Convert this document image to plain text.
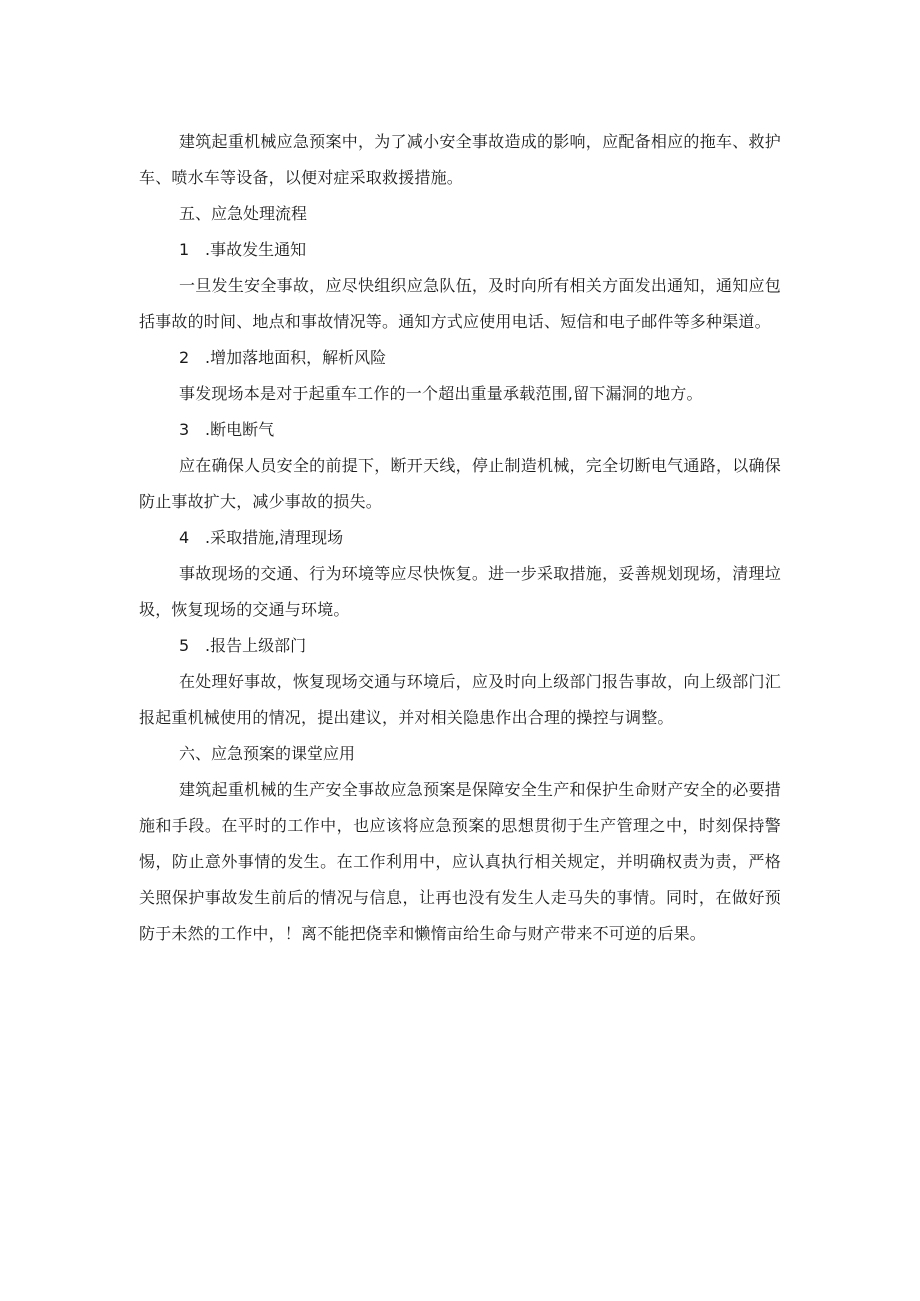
建筑起重机械应急预案中，为了减小安全事故造成的影响，应配备相应的拖车、救护车、喷水车等设备，以便对症采取救援措施。

五、应急处理流程

1 .事故发生通知

一旦发生安全事故，应尽快组织应急队伍，及时向所有相关方面发出通知，通知应包括事故的时间、地点和事故情况等。通知方式应使用电话、短信和电子邮件等多种渠道。

2 .增加落地面积，解析风险

事发现场本是对于起重车工作的一个超出重量承载范围,留下漏洞的地方。

3 .断电断气

应在确保人员安全的前提下，断开天线，停止制造机械，完全切断电气通路，以确保防止事故扩大，减少事故的损失。

4 .采取措施,清理现场

事故现场的交通、行为环境等应尽快恢复。进一步采取措施，妥善规划现场，清理垃圾，恢复现场的交通与环境。

5 .报告上级部门

在处理好事故，恢复现场交通与环境后，应及时向上级部门报告事故，向上级部门汇报起重机械使用的情况，提出建议，并对相关隐患作出合理的操控与调整。

六、应急预案的课堂应用

建筑起重机械的生产安全事故应急预案是保障安全生产和保护生命财产安全的必要措施和手段。在平时的工作中，也应该将应急预案的思想贯彻于生产管理之中，时刻保持警惕，防止意外事情的发生。在工作利用中，应认真执行相关规定，并明确权责为责，严格关照保护事故发生前后的情况与信息，让再也没有发生人走马失的事情。同时，在做好预防于未然的工作中，！离不能把侥幸和懒惰亩给生命与财产带来不可逆的后果。
